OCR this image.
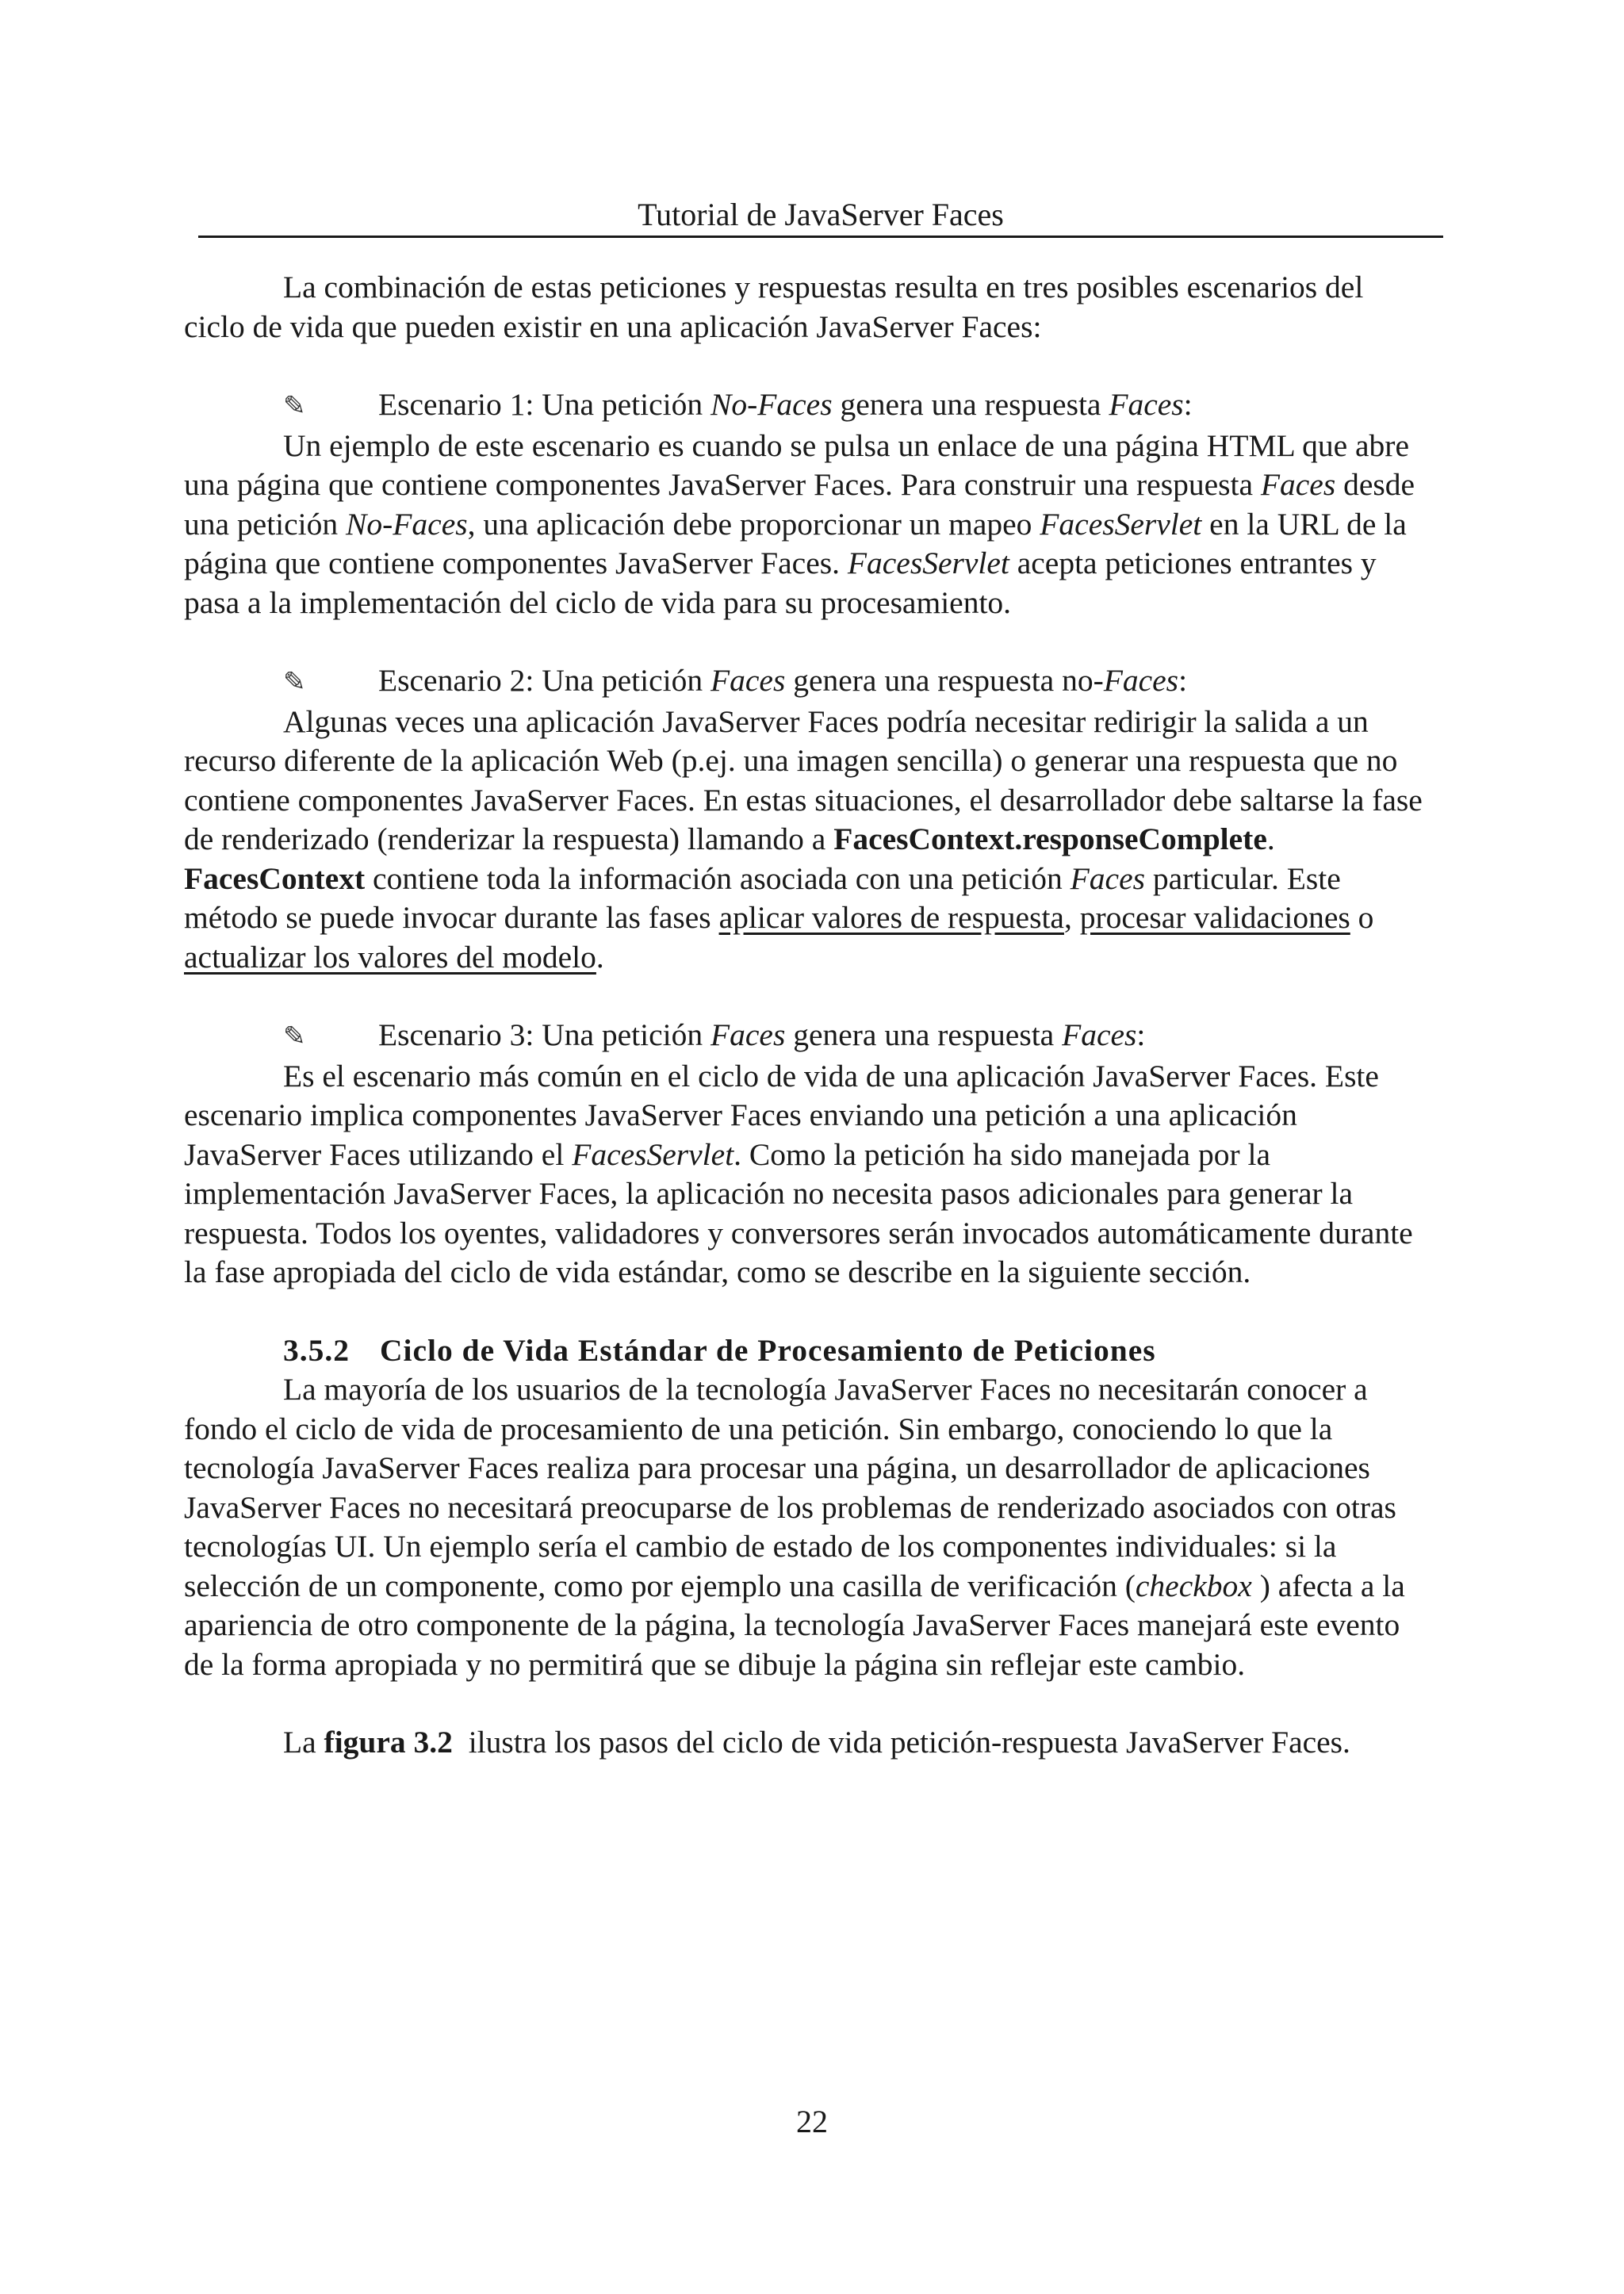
Tutorial de JavaServer Faces

La combinación de estas peticiones y respuestas resulta en tres posibles escenarios del ciclo de vida que pueden existir en una aplicación JavaServer Faces:

✎ Escenario 1: Una petición No-Faces genera una respuesta Faces:

Un ejemplo de este escenario es cuando se pulsa un enlace de una página HTML que abre una página que contiene componentes JavaServer Faces. Para construir una respuesta Faces desde una petición No-Faces, una aplicación debe proporcionar un mapeo FacesServlet en la URL de la página que contiene componentes JavaServer Faces. FacesServlet acepta peticiones entrantes y pasa a la implementación del ciclo de vida para su procesamiento.

✎ Escenario 2: Una petición Faces genera una respuesta no-Faces:

Algunas veces una aplicación JavaServer Faces podría necesitar redirigir la salida a un recurso diferente de la aplicación Web (p.ej. una imagen sencilla) o generar una respuesta que no contiene componentes JavaServer Faces. En estas situaciones, el desarrollador debe saltarse la fase de renderizado (renderizar la respuesta) llamando a FacesContext.responseComplete. FacesContext contiene toda la información asociada con una petición Faces particular. Este método se puede invocar durante las fases aplicar valores de respuesta, procesar validaciones o actualizar los valores del modelo.

✎ Escenario 3: Una petición Faces genera una respuesta Faces:

Es el escenario más común en el ciclo de vida de una aplicación JavaServer Faces. Este escenario implica componentes JavaServer Faces enviando una petición a una aplicación JavaServer Faces utilizando el FacesServlet. Como la petición ha sido manejada por la implementación JavaServer Faces, la aplicación no necesita pasos adicionales para generar la respuesta. Todos los oyentes, validadores y conversores serán invocados automáticamente durante la fase apropiada del ciclo de vida estándar, como se describe en la siguiente sección.

3.5.2 Ciclo de Vida Estándar de Procesamiento de Peticiones

La mayoría de los usuarios de la tecnología JavaServer Faces no necesitarán conocer a fondo el ciclo de vida de procesamiento de una petición. Sin embargo, conociendo lo que la tecnología JavaServer Faces realiza para procesar una página, un desarrollador de aplicaciones JavaServer Faces no necesitará preocuparse de los problemas de renderizado asociados con otras tecnologías UI. Un ejemplo sería el cambio de estado de los componentes individuales: si la selección de un componente, como por ejemplo una casilla de verificación (checkbox ) afecta a la apariencia de otro componente de la página, la tecnología JavaServer Faces manejará este evento de la forma apropiada y no permitirá que se dibuje la página sin reflejar este cambio.

La figura 3.2  ilustra los pasos del ciclo de vida petición-respuesta JavaServer Faces.

22
